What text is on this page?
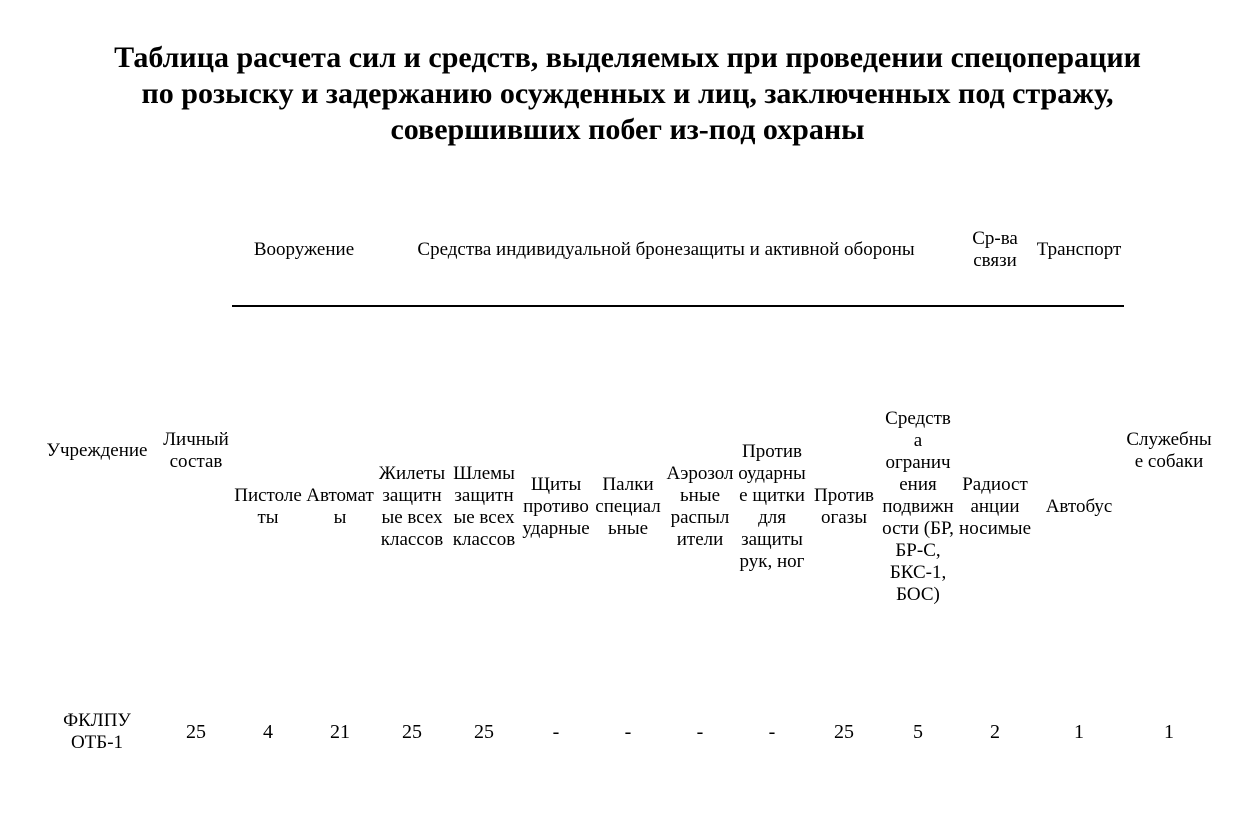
Таблица расчета сил и средств, выделяемых при проведении спецоперации
по розыску и задержанию осужденных и лиц, заключенных под стражу,
совершивших побег из-под охраны
Учреждение	Личный состав	Вооружение		Средства индивидуальной бронезащиты и активной обороны								Ср-ва связи	Транспорт	Служебные собаки
		Пистолеты	Автоматы	Жилеты защитные всех классов	Шлемы защитные всех классов	Щиты противоударные	Палки специальные	Аэрозольные распылители	Противоударные щитки для защиты рук, ног	Противогазы	Средства ограничения подвижности (БР, БР-С, БКС-1, БОС)	Радиостанции носимые	Автобус	
ФКЛПУ ОТБ-1	25	4	21	25	25	-	-	-	-	25	5	2	1	1
